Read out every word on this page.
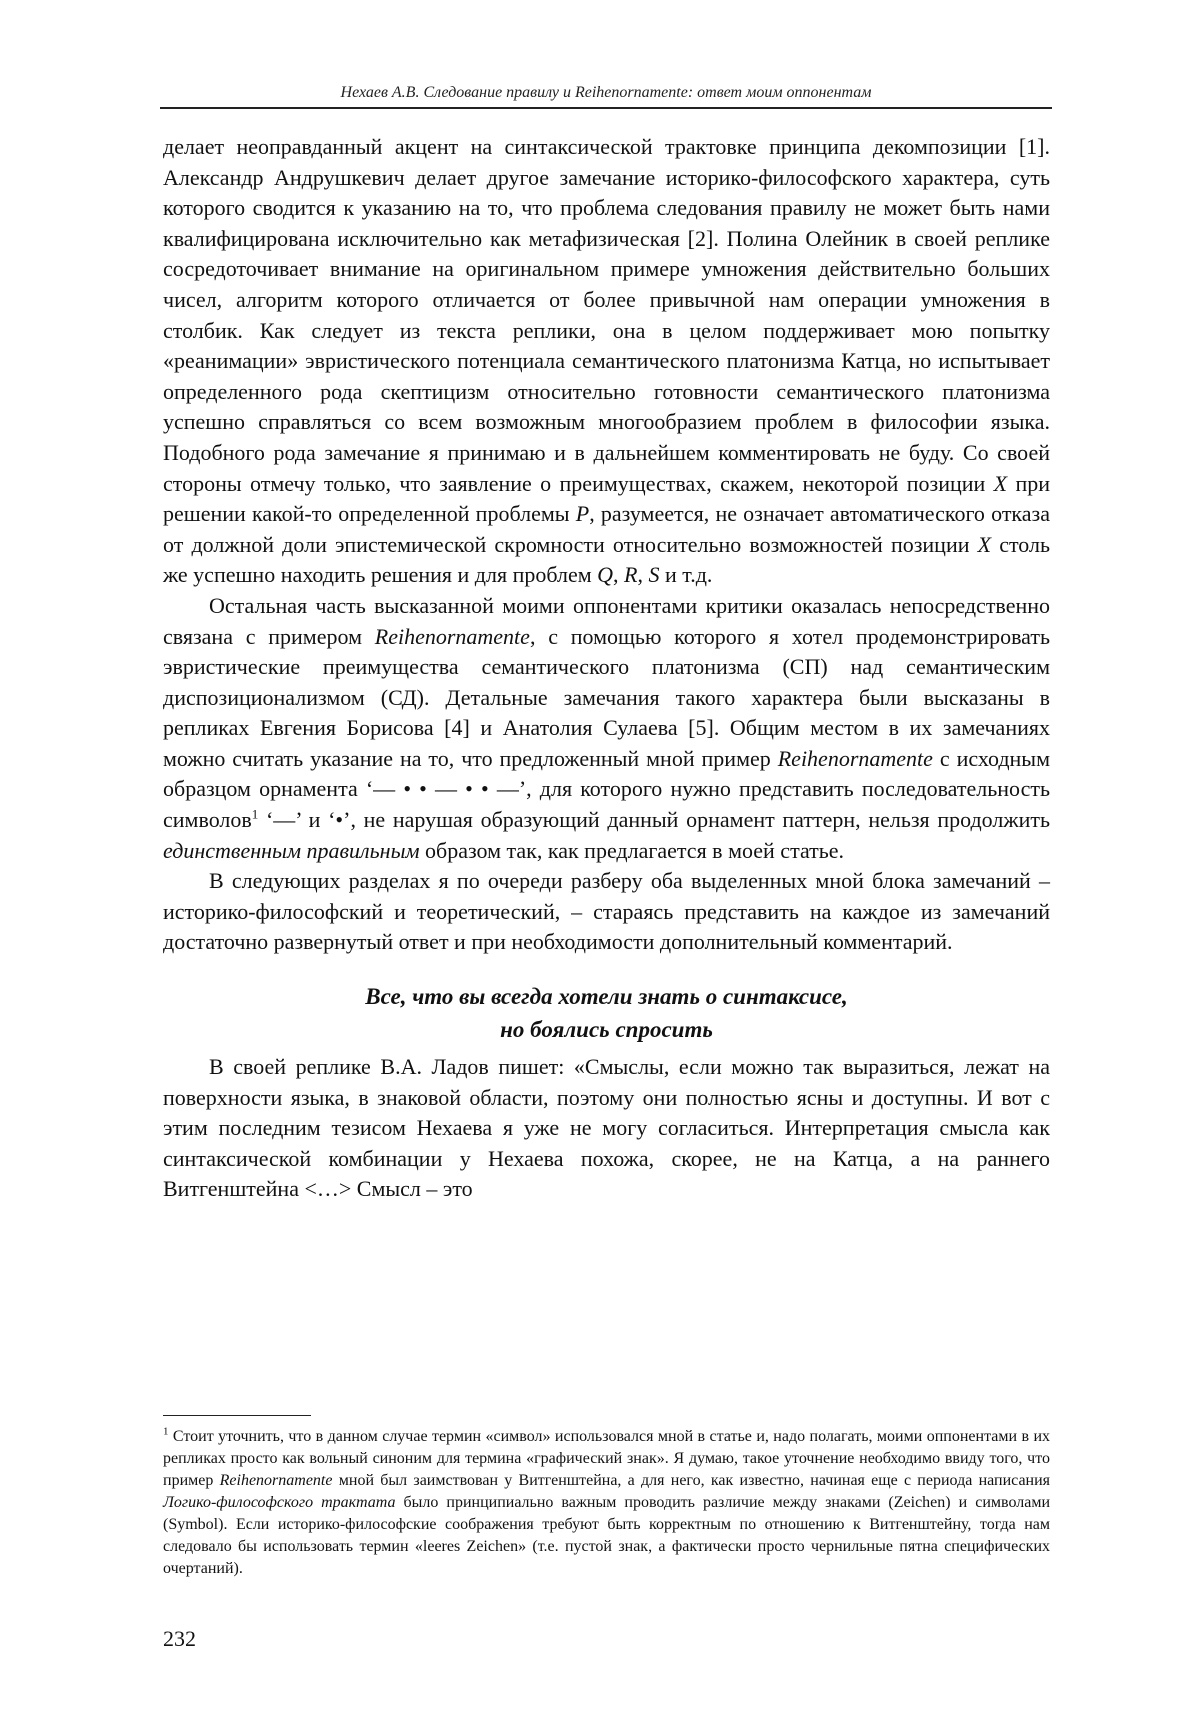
Нехаев А.В. Следование правилу и Reihenornamente: ответ моим оппонентам

делает неоправданный акцент на синтаксической трактовке принципа декомпозиции [1]. Александр Андрушкевич делает другое замечание историко-философского характера, суть которого сводится к указанию на то, что проблема следования правилу не может быть нами квалифицирована исключительно как метафизическая [2]. Полина Олейник в своей реплике сосредоточивает внимание на оригинальном примере умножения действительно больших чисел, алгоритм которого отличается от более привычной нам операции умножения в столбик. Как следует из текста реплики, она в целом поддерживает мою попытку «реанимации» эвристического потенциала семантического платонизма Катца, но испытывает определенного рода скептицизм относительно готовности семантического платонизма успешно справляться со всем возможным многообразием проблем в философии языка. Подобного рода замечание я принимаю и в дальнейшем комментировать не буду. Со своей стороны отмечу только, что заявление о преимуществах, скажем, некоторой позиции X при решении какой-то определенной проблемы P, разумеется, не означает автоматического отказа от должной доли эпистемической скромности относительно возможностей позиции X столь же успешно находить решения и для проблем Q, R, S и т.д.

Остальная часть высказанной моими оппонентами критики оказалась непосредственно связана с примером Reihenornamente, с помощью которого я хотел продемонстрировать эвристические преимущества семантического платонизма (СП) над семантическим диспозиционализмом (СД). Детальные замечания такого характера были высказаны в репликах Евгения Борисова [4] и Анатолия Сулаева [5]. Общим местом в их замечаниях можно считать указание на то, что предложенный мной пример Reihenornamente с исходным образцом орнамента ‘— • • — • • —’, для которого нужно представить последовательность символов$^1$ ‘—’ и ‘•’, не нарушая образующий данный орнамент паттерн, нельзя продолжить единственным правильным образом так, как предлагается в моей статье.

В следующих разделах я по очереди разберу оба выделенных мной блока замечаний – историко-философский и теоретический, – стараясь представить на каждое из замечаний достаточно развернутый ответ и при необходимости дополнительный комментарий.

Все, что вы всегда хотели знать о синтаксисе,
но боялись спросить

В своей реплике В.А. Ладов пишет: «Смыслы, если можно так выразиться, лежат на поверхности языка, в знаковой области, поэтому они полностью ясны и доступны. И вот с этим последним тезисом Нехаева я уже не могу согласиться. Интерпретация смысла как синтаксической комбинации у Нехаева похожа, скорее, не на Катца, а на раннего Витгенштейна <…> Смысл – это

$^1$ Стоит уточнить, что в данном случае термин «символ» использовался мной в статье и, надо полагать, моими оппонентами в их репликах просто как вольный синоним для термина «графический знак». Я думаю, такое уточнение необходимо ввиду того, что пример Reihenornamente мной был заимствован у Витгенштейна, а для него, как известно, начиная еще с периода написания Логико-философского трактата было принципиально важным проводить различие между знаками (Zeichen) и символами (Symbol). Если историко-философские соображения требуют быть корректным по отношению к Витгенштейну, тогда нам следовало бы использовать термин «leeres Zeichen» (т.е. пустой знак, а фактически просто чернильные пятна специфических очертаний).
232
